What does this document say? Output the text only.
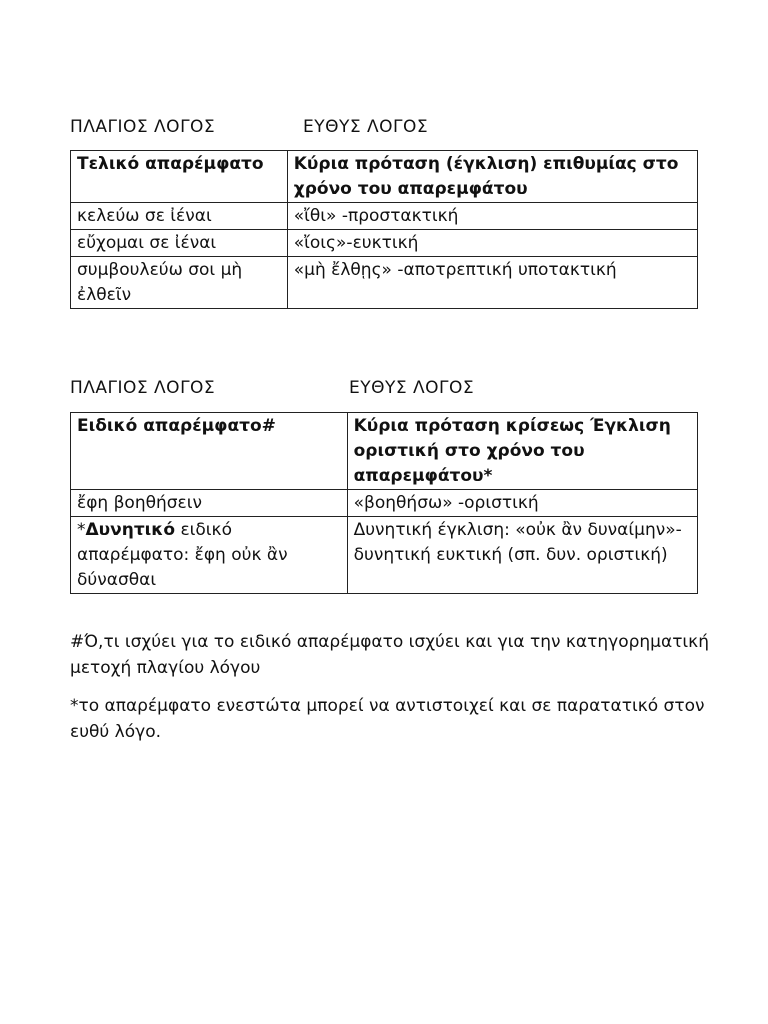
ΠΛΑΓΙΟΣ ΛΟΓΟΣ	ΕΥΘΥΣ ΛΟΓΟΣ
Τελικό απαρέμφατο	Κύρια πρόταση (έγκλιση) επιθυμίας στο χρόνο του απαρεμφάτου
κελεύω σε ἰέναι	«ἴθι» -προστακτική
εὔχομαι σε ἰέναι	«ἴοις»-ευκτική
συμβουλεύω σοι μὴ ἐλθεῖν	«μὴ ἔλθῃς» -αποτρεπτική υποτακτική
ΠΛΑΓΙΟΣ ΛΟΓΟΣ	ΕΥΘΥΣ ΛΟΓΟΣ
Ειδικό απαρέμφατο#	Κύρια πρόταση κρίσεως Έγκλιση οριστική στο χρόνο του απαρεμφάτου*
ἔφη βοηθήσειν	«βοηθήσω» -οριστική
*Δυνητικό ειδικό απαρέμφατο: ἔφη οὐκ ἂν δύνασθαι	Δυνητική έγκλιση: «οὐκ ἂν δυναίμην»- δυνητική ευκτική (σπ. δυν. οριστική)

#Ό,τι ισχύει για το ειδικό απαρέμφατο ισχύει και για την κατηγορηματική μετοχή πλαγίου λόγου

*το απαρέμφατο ενεστώτα μπορεί να αντιστοιχεί και σε παρατατικό στον ευθύ λόγο.
